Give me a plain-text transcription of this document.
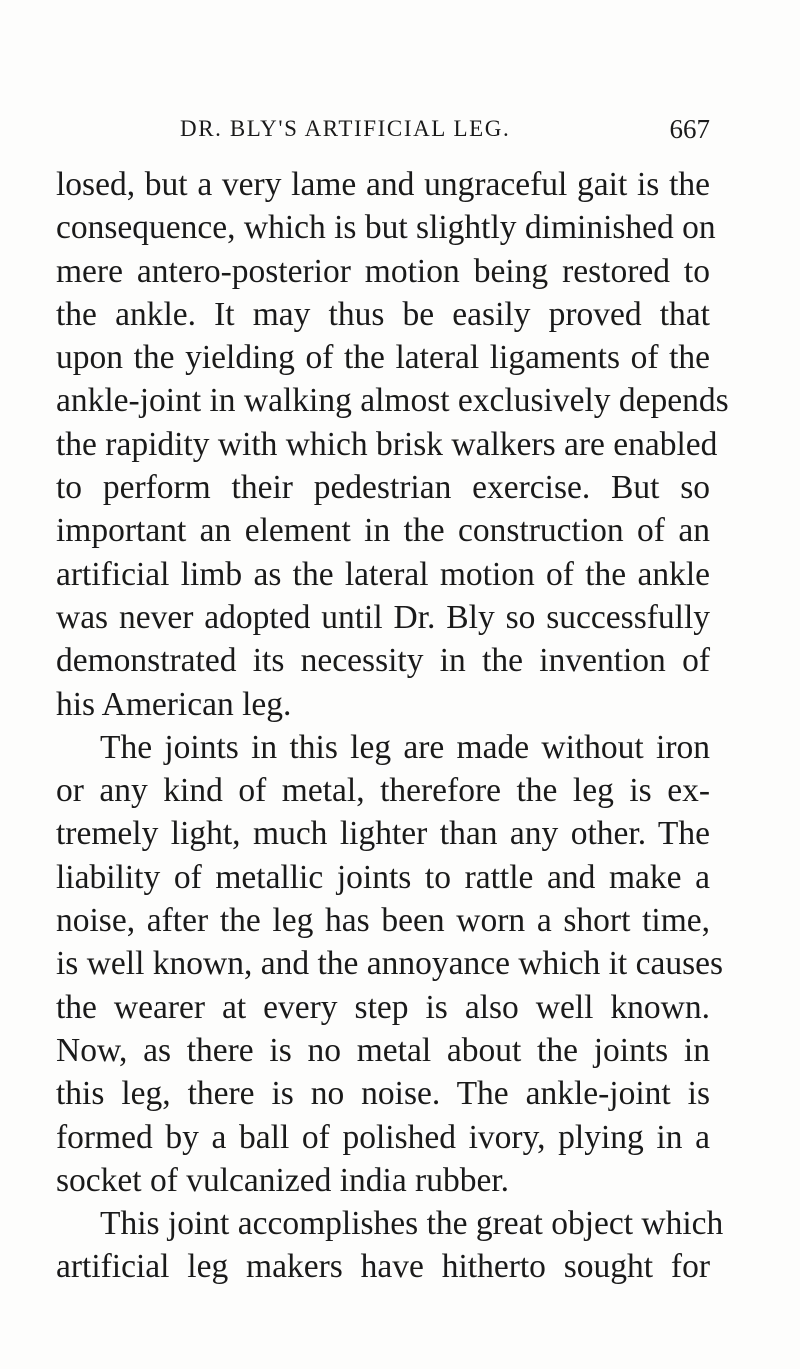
DR. BLY'S ARTIFICIAL LEG.	667
losed, but a very lame and ungraceful gait is the
consequence, which is but slightly diminished on
mere antero-posterior motion being restored to
the ankle. It may thus be easily proved that
upon the yielding of the lateral ligaments of the
ankle-joint in walking almost exclusively depends
the rapidity with which brisk walkers are enabled
to perform their pedestrian exercise. But so
important an element in the construction of an
artificial limb as the lateral motion of the ankle
was never adopted until Dr. Bly so successfully
demonstrated its necessity in the invention of
his American leg.
The joints in this leg are made without iron
or any kind of metal, therefore the leg is ex-
tremely light, much lighter than any other. The
liability of metallic joints to rattle and make a
noise, after the leg has been worn a short time,
is well known, and the annoyance which it causes
the wearer at every step is also well known.
Now, as there is no metal about the joints in
this leg, there is no noise. The ankle-joint is
formed by a ball of polished ivory, plying in a
socket of vulcanized india rubber.
This joint accomplishes the great object which
artificial leg makers have hitherto sought for
